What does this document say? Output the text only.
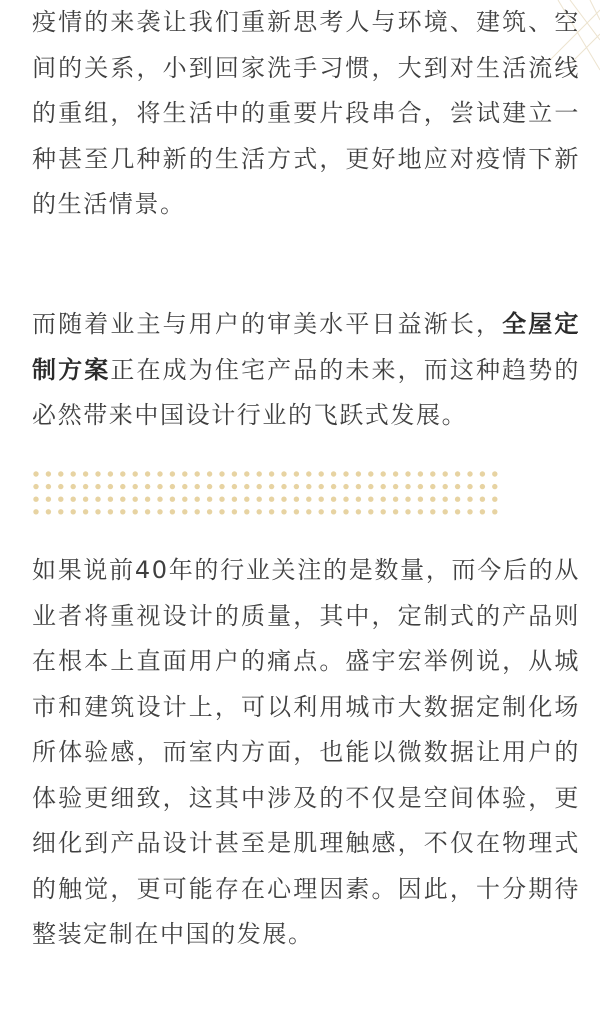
疫情的来袭让我们重新思考人与环境、建筑、空间的关系，小到回家洗手习惯，大到对生活流线的重组，将生活中的重要片段串合，尝试建立一种甚至几种新的生活方式，更好地应对疫情下新的生活情景。

而随着业主与用户的审美水平日益渐长，全屋定制方案正在成为住宅产品的未来，而这种趋势的必然带来中国设计行业的飞跃式发展。

如果说前40年的行业关注的是数量，而今后的从业者将重视设计的质量，其中，定制式的产品则在根本上直面用户的痛点。盛宇宏举例说，从城市和建筑设计上，可以利用城市大数据定制化场所体验感，而室内方面，也能以微数据让用户的体验更细致，这其中涉及的不仅是空间体验，更细化到产品设计甚至是肌理触感，不仅在物理式的触觉，更可能存在心理因素。因此，十分期待整装定制在中国的发展。
